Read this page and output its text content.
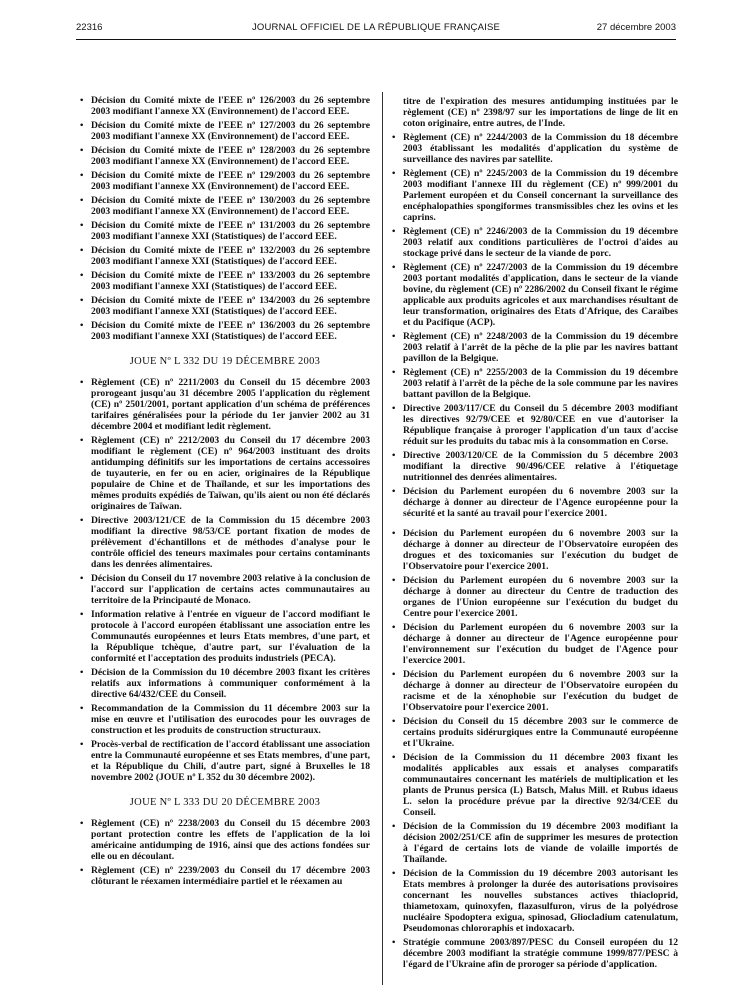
22316	JOURNAL OFFICIEL DE LA RÉPUBLIQUE FRANÇAISE	27 décembre 2003
• Décision du Comité mixte de l'EEE nº 126/2003 du 26 septembre 2003 modifiant l'annexe XX (Environnement) de l'accord EEE.
• Décision du Comité mixte de l'EEE nº 127/2003 du 26 septembre 2003 modifiant l'annexe XX (Environnement) de l'accord EEE.
• Décision du Comité mixte de l'EEE nº 128/2003 du 26 septembre 2003 modifiant l'annexe XX (Environnement) de l'accord EEE.
• Décision du Comité mixte de l'EEE nº 129/2003 du 26 septembre 2003 modifiant l'annexe XX (Environnement) de l'accord EEE.
• Décision du Comité mixte de l'EEE nº 130/2003 du 26 septembre 2003 modifiant l'annexe XX (Environnement) de l'accord EEE.
• Décision du Comité mixte de l'EEE nº 131/2003 du 26 septembre 2003 modifiant l'annexe XXI (Statistiques) de l'accord EEE.
• Décision du Comité mixte de l'EEE nº 132/2003 du 26 septembre 2003 modifiant l'annexe XXI (Statistiques) de l'accord EEE.
• Décision du Comité mixte de l'EEE nº 133/2003 du 26 septembre 2003 modifiant l'annexe XXI (Statistiques) de l'accord EEE.
• Décision du Comité mixte de l'EEE nº 134/2003 du 26 septembre 2003 modifiant l'annexe XXI (Statistiques) de l'accord EEE.
• Décision du Comité mixte de l'EEE nº 136/2003 du 26 septembre 2003 modifiant l'annexe XXI (Statistiques) de l'accord EEE.
JOUE Nº L 332 DU 19 DÉCEMBRE 2003
• Règlement (CE) nº 2211/2003 du Conseil du 15 décembre 2003 prorogeant jusqu'au 31 décembre 2005 l'application du règlement (CE) nº 2501/2001, portant application d'un schéma de préférences tarifaires généralisées pour la période du 1er janvier 2002 au 31 décembre 2004 et modifiant ledit règlement.
• Règlement (CE) nº 2212/2003 du Conseil du 17 décembre 2003 modifiant le règlement (CE) nº 964/2003 instituant des droits antidumping définitifs sur les importations de certains accessoires de tuyauterie, en fer ou en acier, originaires de la République populaire de Chine et de Thaïlande, et sur les importations des mêmes produits expédiés de Taïwan, qu'ils aient ou non été déclarés originaires de Taïwan.
• Directive 2003/121/CE de la Commission du 15 décembre 2003 modifiant la directive 98/53/CE portant fixation de modes de prélèvement d'échantillons et de méthodes d'analyse pour le contrôle officiel des teneurs maximales pour certains contaminants dans les denrées alimentaires.
• Décision du Conseil du 17 novembre 2003 relative à la conclusion de l'accord sur l'application de certains actes communautaires au territoire de la Principauté de Monaco.
• Information relative à l'entrée en vigueur de l'accord modifiant le protocole à l'accord européen établissant une association entre les Communautés européennes et leurs Etats membres, d'une part, et la République tchèque, d'autre part, sur l'évaluation de la conformité et l'acceptation des produits industriels (PECA).
• Décision de la Commission du 10 décembre 2003 fixant les critères relatifs aux informations à communiquer conformément à la directive 64/432/CEE du Conseil.
• Recommandation de la Commission du 11 décembre 2003 sur la mise en œuvre et l'utilisation des eurocodes pour les ouvrages de construction et les produits de construction structuraux.
• Procès-verbal de rectification de l'accord établissant une association entre la Communauté européenne et ses Etats membres, d'une part, et la République du Chili, d'autre part, signé à Bruxelles le 18 novembre 2002 (JOUE nº L 352 du 30 décembre 2002).
JOUE Nº L 333 DU 20 DÉCEMBRE 2003
• Règlement (CE) nº 2238/2003 du Conseil du 15 décembre 2003 portant protection contre les effets de l'application de la loi américaine antidumping de 1916, ainsi que des actions fondées sur elle ou en découlant.
• Règlement (CE) nº 2239/2003 du Conseil du 17 décembre 2003 clôturant le réexamen intermédiaire partiel et le réexamen au
titre de l'expiration des mesures antidumping instituées par le règlement (CE) nº 2398/97 sur les importations de linge de lit en coton originaire, entre autres, de l'Inde.
• Règlement (CE) nº 2244/2003 de la Commission du 18 décembre 2003 établissant les modalités d'application du système de surveillance des navires par satellite.
• Règlement (CE) nº 2245/2003 de la Commission du 19 décembre 2003 modifiant l'annexe III du règlement (CE) nº 999/2001 du Parlement européen et du Conseil concernant la surveillance des encéphalopathies spongiformes transmissibles chez les ovins et les caprins.
• Règlement (CE) nº 2246/2003 de la Commission du 19 décembre 2003 relatif aux conditions particulières de l'octroi d'aides au stockage privé dans le secteur de la viande de porc.
• Règlement (CE) nº 2247/2003 de la Commission du 19 décembre 2003 portant modalités d'application, dans le secteur de la viande bovine, du règlement (CE) nº 2286/2002 du Conseil fixant le régime applicable aux produits agricoles et aux marchandises résultant de leur transformation, originaires des Etats d'Afrique, des Caraïbes et du Pacifique (ACP).
• Règlement (CE) nº 2248/2003 de la Commission du 19 décembre 2003 relatif à l'arrêt de la pêche de la plie par les navires battant pavillon de la Belgique.
• Règlement (CE) nº 2255/2003 de la Commission du 19 décembre 2003 relatif à l'arrêt de la pêche de la sole commune par les navires battant pavillon de la Belgique.
• Directive 2003/117/CE du Conseil du 5 décembre 2003 modifiant les directives 92/79/CEE et 92/80/CEE en vue d'autoriser la République française à proroger l'application d'un taux d'accise réduit sur les produits du tabac mis à la consommation en Corse.
• Directive 2003/120/CE de la Commission du 5 décembre 2003 modifiant la directive 90/496/CEE relative à l'étiquetage nutritionnel des denrées alimentaires.
• Décision du Parlement européen du 6 novembre 2003 sur la décharge à donner au directeur de l'Agence européenne pour la sécurité et la santé au travail pour l'exercice 2001.
• Décision du Parlement européen du 6 novembre 2003 sur la décharge à donner au directeur de l'Observatoire européen des drogues et des toxicomanies sur l'exécution du budget de l'Observatoire pour l'exercice 2001.
• Décision du Parlement européen du 6 novembre 2003 sur la décharge à donner au directeur du Centre de traduction des organes de l'Union européenne sur l'exécution du budget du Centre pour l'exercice 2001.
• Décision du Parlement européen du 6 novembre 2003 sur la décharge à donner au directeur de l'Agence européenne pour l'environnement sur l'exécution du budget de l'Agence pour l'exercice 2001.
• Décision du Parlement européen du 6 novembre 2003 sur la décharge à donner au directeur de l'Observatoire européen du racisme et de la xénophobie sur l'exécution du budget de l'Observatoire pour l'exercice 2001.
• Décision du Conseil du 15 décembre 2003 sur le commerce de certains produits sidérurgiques entre la Communauté européenne et l'Ukraine.
• Décision de la Commission du 11 décembre 2003 fixant les modalités applicables aux essais et analyses comparatifs communautaires concernant les matériels de multiplication et les plants de Prunus persica (L) Batsch, Malus Mill. et Rubus idaeus L. selon la procédure prévue par la directive 92/34/CEE du Conseil.
• Décision de la Commission du 19 décembre 2003 modifiant la décision 2002/251/CE afin de supprimer les mesures de protection à l'égard de certains lots de viande de volaille importés de Thaïlande.
• Décision de la Commission du 19 décembre 2003 autorisant les Etats membres à prolonger la durée des autorisations provisoires concernant les nouvelles substances actives thiacloprid, thiametoxam, quinoxyfen, flazasulfuron, virus de la polyédrose nucléaire Spodoptera exigua, spinosad, Gliocladium catenulatum, Pseudomonas chlororaphis et indoxacarb.
• Stratégie commune 2003/897/PESC du Conseil européen du 12 décembre 2003 modifiant la stratégie commune 1999/877/PESC à l'égard de l'Ukraine afin de proroger sa période d'application.
